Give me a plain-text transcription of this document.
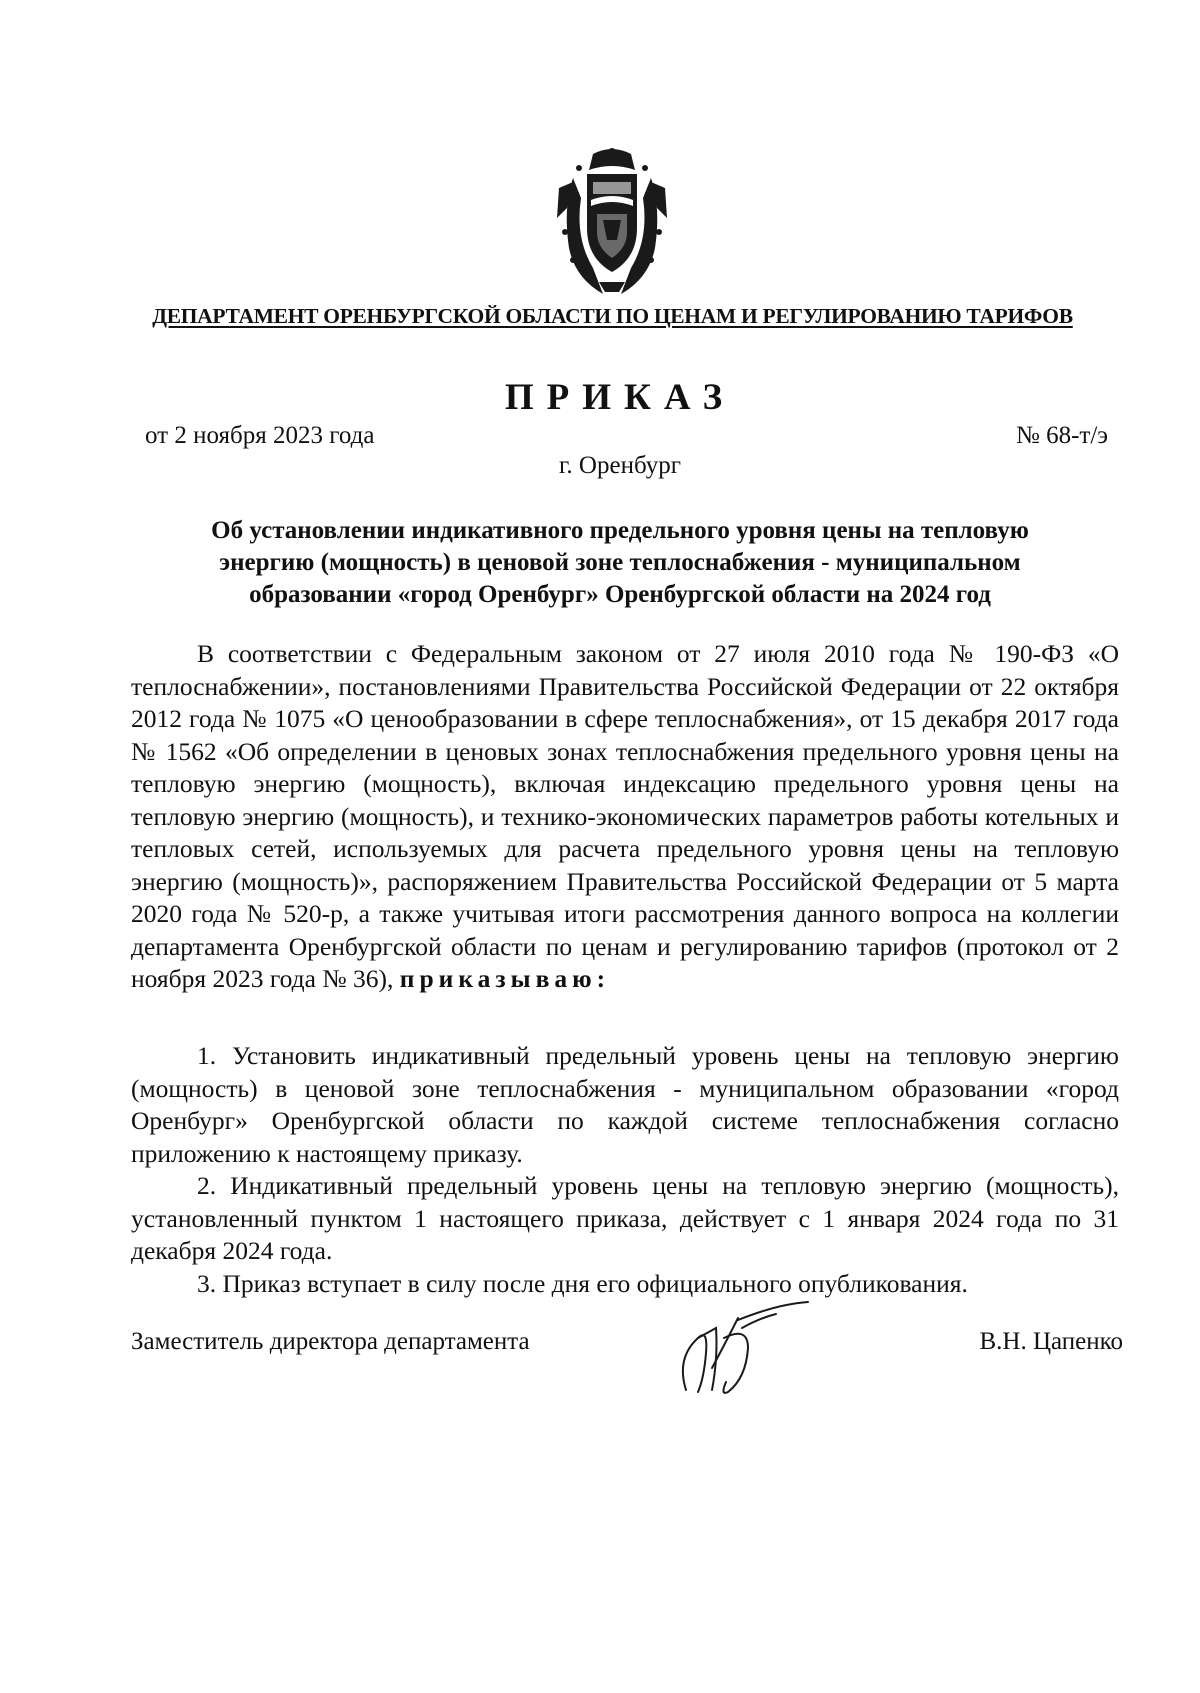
ДЕПАРТАМЕНТ ОРЕНБУРГСКОЙ ОБЛАСТИ ПО ЦЕНАМ И РЕГУЛИРОВАНИЮ ТАРИФОВ
ПРИКАЗ
от 2 ноября 2023 года	№ 68-т/э
г. Оренбург
Об установлении индикативного предельного уровня цены на тепловую
энергию (мощность) в ценовой зоне теплоснабжения - муниципальном
образовании «город Оренбург» Оренбургской области на 2024 год

В соответствии с Федеральным законом от 27 июля 2010 года № 190-ФЗ «О теплоснабжении», постановлениями Правительства Российской Федерации от 22 октября 2012 года № 1075 «О ценообразовании в сфере теплоснабжения», от 15 декабря 2017 года № 1562 «Об определении в ценовых зонах теплоснабжения предельного уровня цены на тепловую энергию (мощность), включая индексацию предельного уровня цены на тепловую энергию (мощность), и технико-экономических параметров работы котельных и тепловых сетей, используемых для расчета предельного уровня цены на тепловую энергию (мощность)», распоряжением Правительства Российской Федерации от 5 марта 2020 года № 520-р, а также учитывая итоги рассмотрения данного вопроса на коллегии департамента Оренбургской области по ценам и регулированию тарифов (протокол от 2 ноября 2023 года № 36), приказываю:

1. Установить индикативный предельный уровень цены на тепловую энергию (мощность) в ценовой зоне теплоснабжения - муниципальном образовании «город Оренбург» Оренбургской области по каждой системе теплоснабжения согласно приложению к настоящему приказу.

2. Индикативный предельный уровень цены на тепловую энергию (мощность), установленный пунктом 1 настоящего приказа, действует с 1 января 2024 года по 31 декабря 2024 года.

3. Приказ вступает в силу после дня его официального опубликования.

Заместитель директора департамента	В.Н. Цапенко
